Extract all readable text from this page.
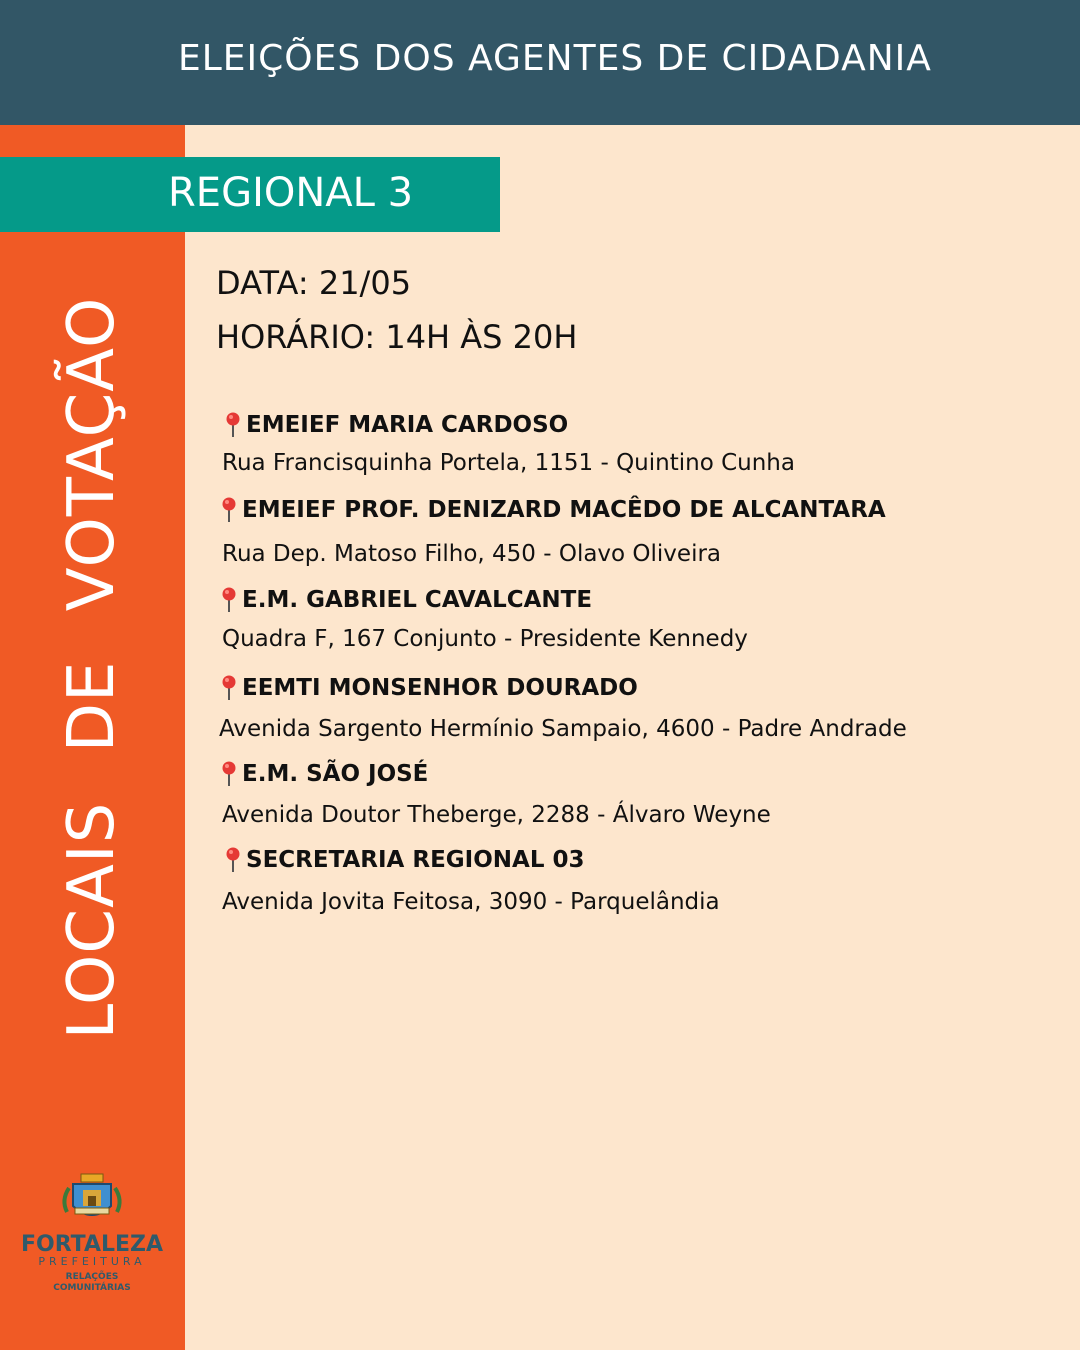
ELEIÇÕES DOS AGENTES DE CIDADANIA
LOCAIS DE VOTAÇÃO
REGIONAL 3
DATA: 21/05
HORÁRIO: 14H ÀS 20H
EMEIEF MARIA CARDOSO
Rua Francisquinha Portela, 1151 - Quintino Cunha
EMEIEF PROF. DENIZARD MACÊDO DE ALCANTARA
Rua Dep. Matoso Filho, 450 - Olavo Oliveira
E.M. GABRIEL CAVALCANTE
Quadra F, 167 Conjunto - Presidente Kennedy
EEMTI MONSENHOR DOURADO
Avenida Sargento Hermínio Sampaio, 4600 - Padre Andrade
E.M. SÃO JOSÉ
Avenida Doutor Theberge, 2288 - Álvaro Weyne
SECRETARIA REGIONAL 03
Avenida Jovita Feitosa, 3090 - Parquelândia
FORTALEZA
PREFEITURA
RELAÇÕES
COMUNITÁRIAS
